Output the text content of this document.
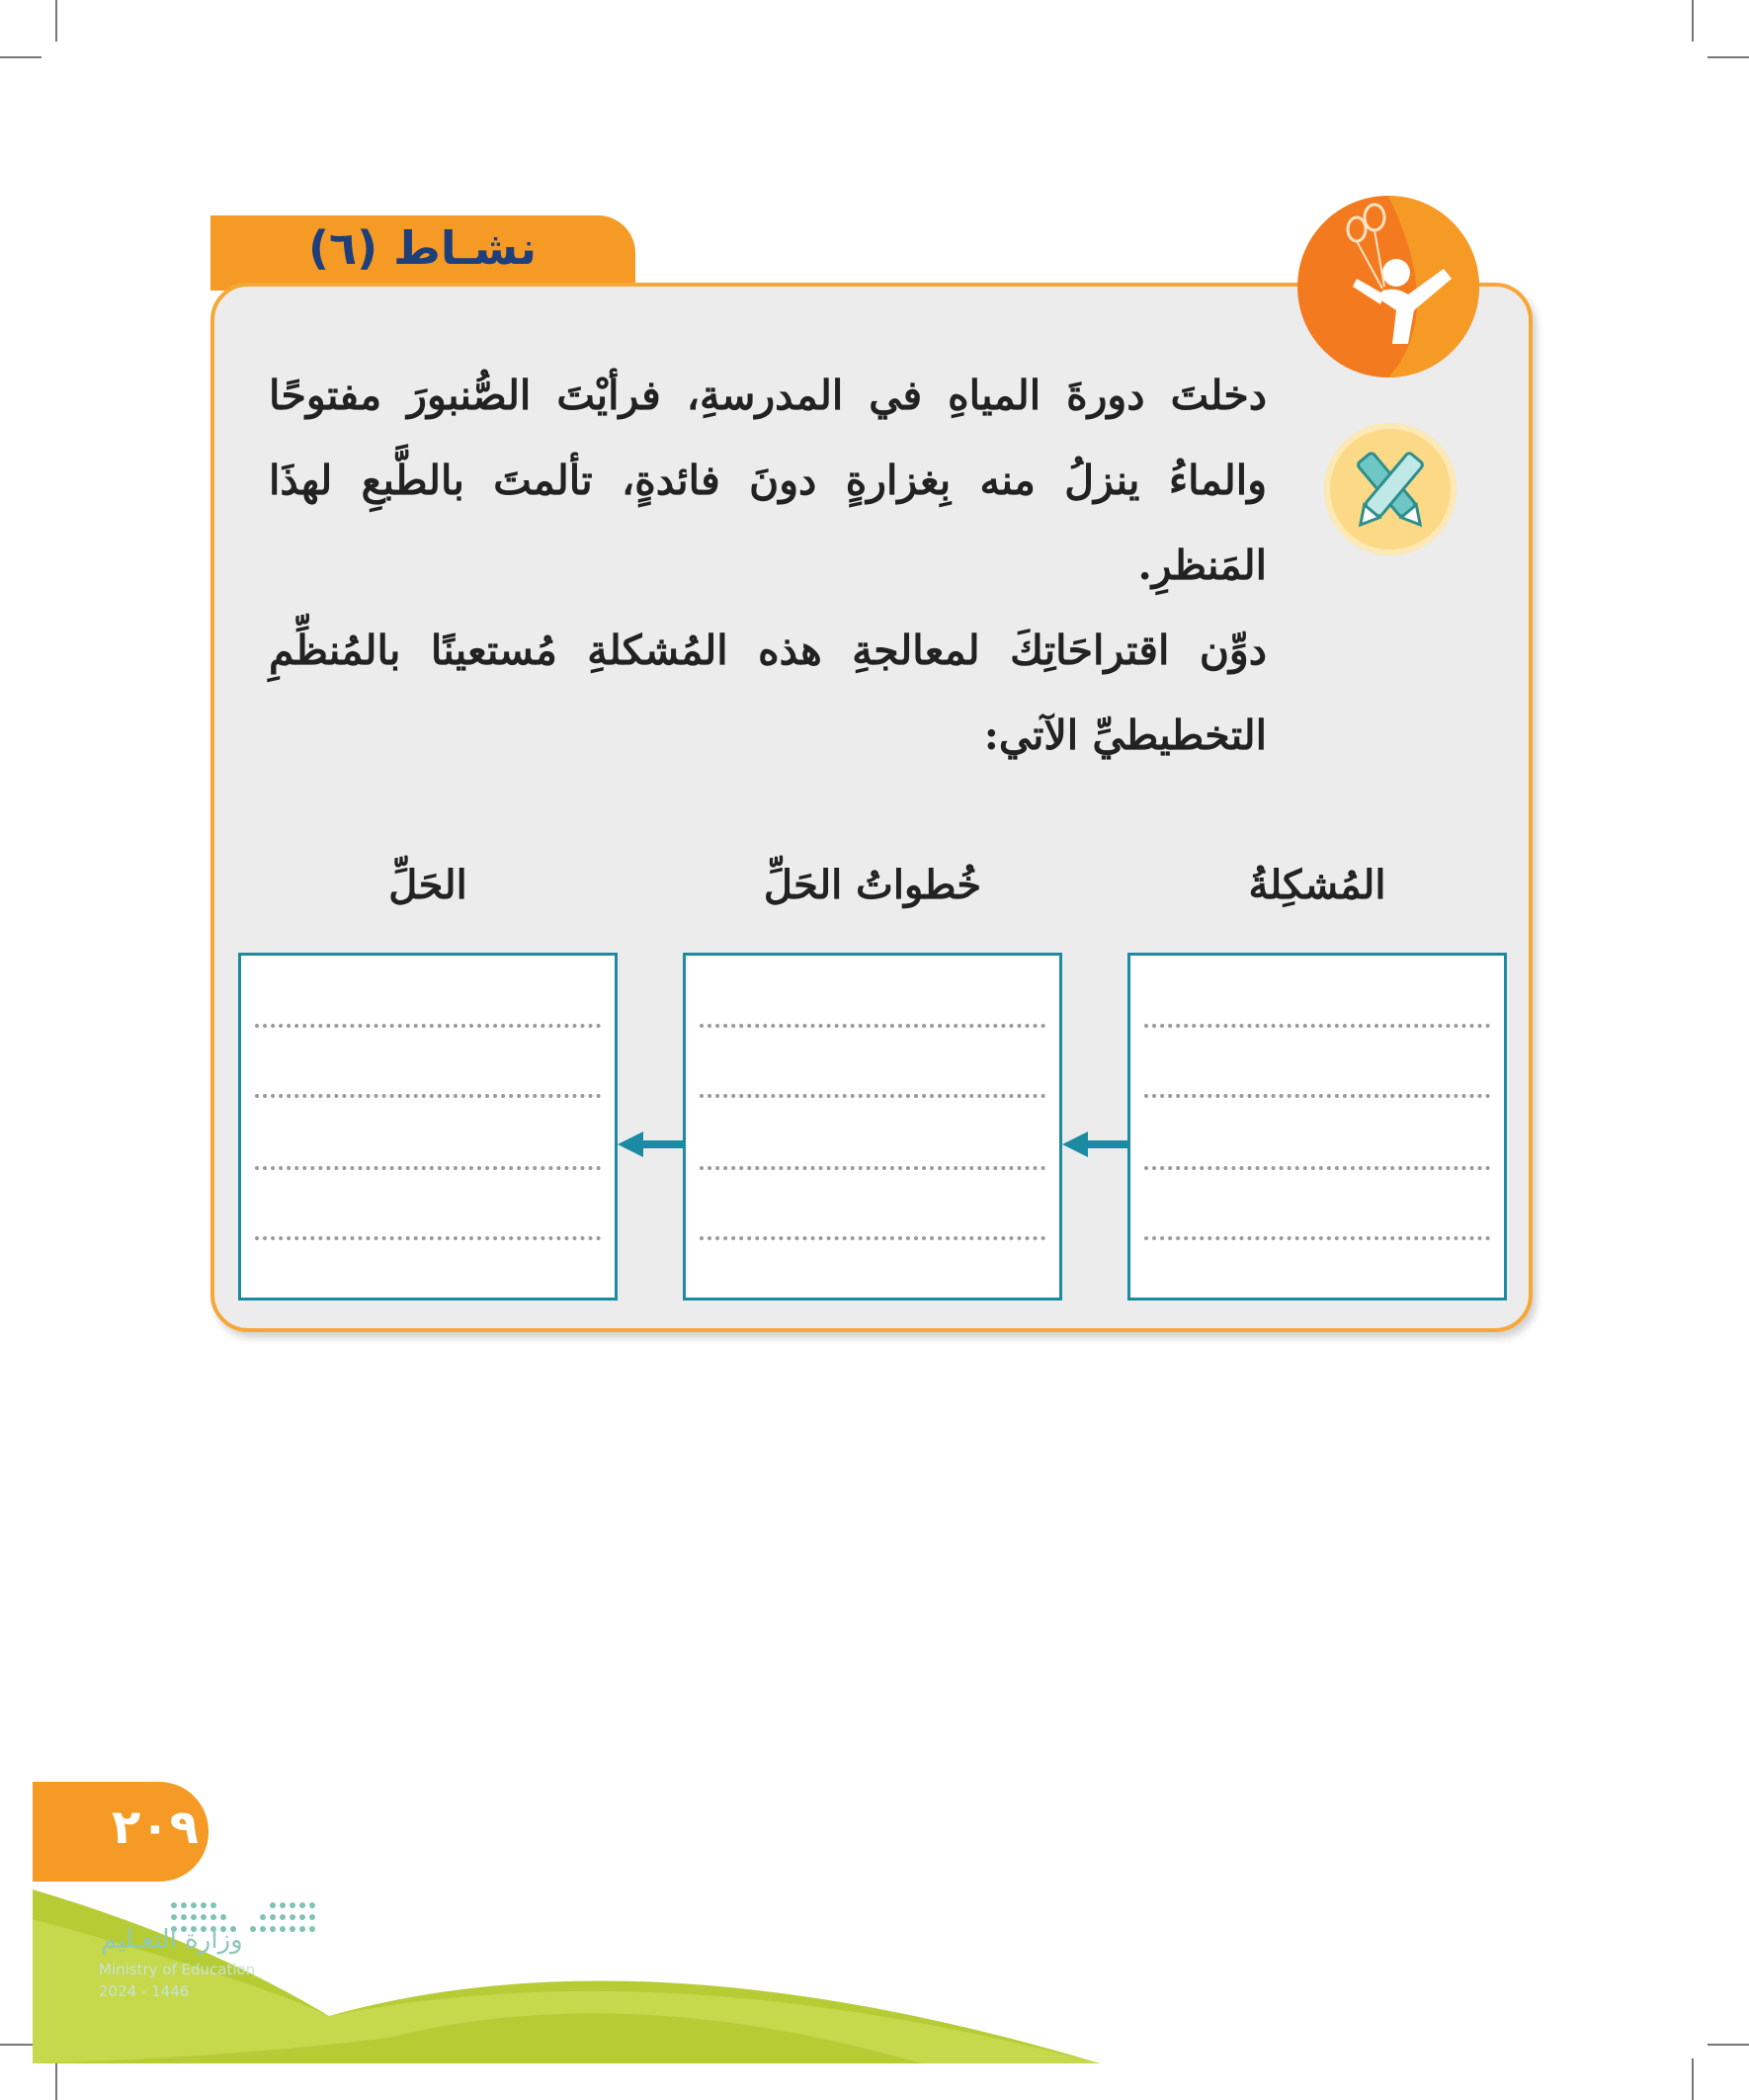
نشـاط (٦)

دخلتَ دورةَ المياهِ في المدرسةِ، فرأيْتَ الصُّنبورَ مفتوحًا والماءُ ينزلُ منه بِغزارةٍ دونَ فائدةٍ، تألمتَ بالطَّبعِ لهذَا المَنظرِ.

دوِّن اقتراحَاتِكَ لمعالجةِ هذه المُشكلةِ مُستعينًا بالمُنظِّمِ التخطيطيِّ الآتي:

المُشكِلةُ
خُطواتُ الحَلِّ
الحَلِّ
٢٠٩
وزارة التعـليم
Ministry of Education
2024 - 1446
